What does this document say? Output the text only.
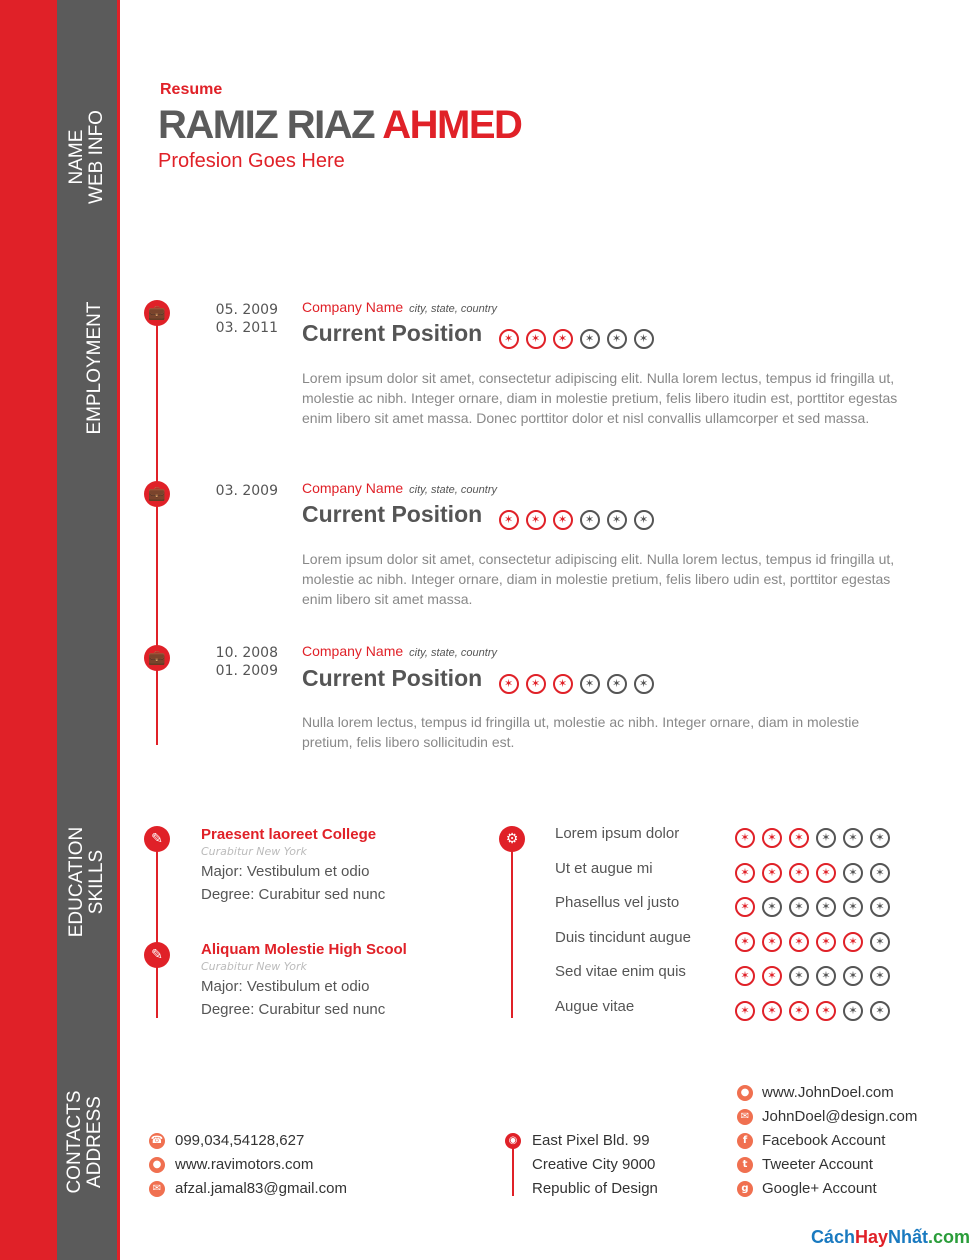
NAME WEB INFO
EMPLOYMENT
EDUCATION SKILLS
CONTACTS ADDRESS
Resume
RAMIZ RIAZ AHMED
Profesion Goes Here
💼	05. 2009
03. 2011
Company Name city, state, country
Current Position ✶ ✶ ✶ ✶ ✶ ✶
Lorem ipsum dolor sit amet, consectetur adipiscing elit. Nulla lorem lectus, tempus id fringilla ut, molestie ac nibh. Integer ornare, diam in molestie pretium, felis libero itudin est, porttitor egestas enim libero sit amet massa. Donec porttitor dolor et nisl convallis ullamcorper et sed massa.
💼	03. 2009 Company Name city, state, country
Current Position ✶ ✶ ✶ ✶ ✶ ✶
Lorem ipsum dolor sit amet, consectetur adipiscing elit. Nulla lorem lectus, tempus id fringilla ut, molestie ac nibh. Integer ornare, diam in molestie pretium, felis libero udin est, porttitor egestas enim libero sit amet massa.
💼	10. 2008
01. 2009
Company Name city, state, country
Current Position ✶ ✶ ✶ ✶ ✶ ✶
Nulla lorem lectus, tempus id fringilla ut, molestie ac nibh. Integer ornare, diam in molestie pretium, felis libero sollicitudin est.
✎	Praesent laoreet College
Curabitur New York
Major: Vestibulum et odio
Degree: Curabitur sed nunc
✎	Aliquam Molestie High Scool
Curabitur New York
Major: Vestibulum et odio
Degree: Curabitur sed nunc
⚙	Lorem ipsum dolor	✶ ✶ ✶ ✶ ✶ ✶
Ut et augue mi	✶ ✶ ✶ ✶ ✶ ✶
Phasellus vel justo	✶ ✶ ✶ ✶ ✶ ✶
Duis tincidunt augue	✶ ✶ ✶ ✶ ✶ ✶
Sed vitae enim quis	✶ ✶ ✶ ✶ ✶ ✶
Augue vitae	✶ ✶ ✶ ✶ ✶ ✶
☎ 099,034,54128,627
● www.ravimotors.com
✉ afzal.jamal83@gmail.com
◉ East Pixel Bld. 99
Creative City 9000
Republic of Design
● www.JohnDoel.com
✉ JohnDoel@design.com
f Facebook Account
t Tweeter Account
g Google+ Account
CáchHayNhất.com
